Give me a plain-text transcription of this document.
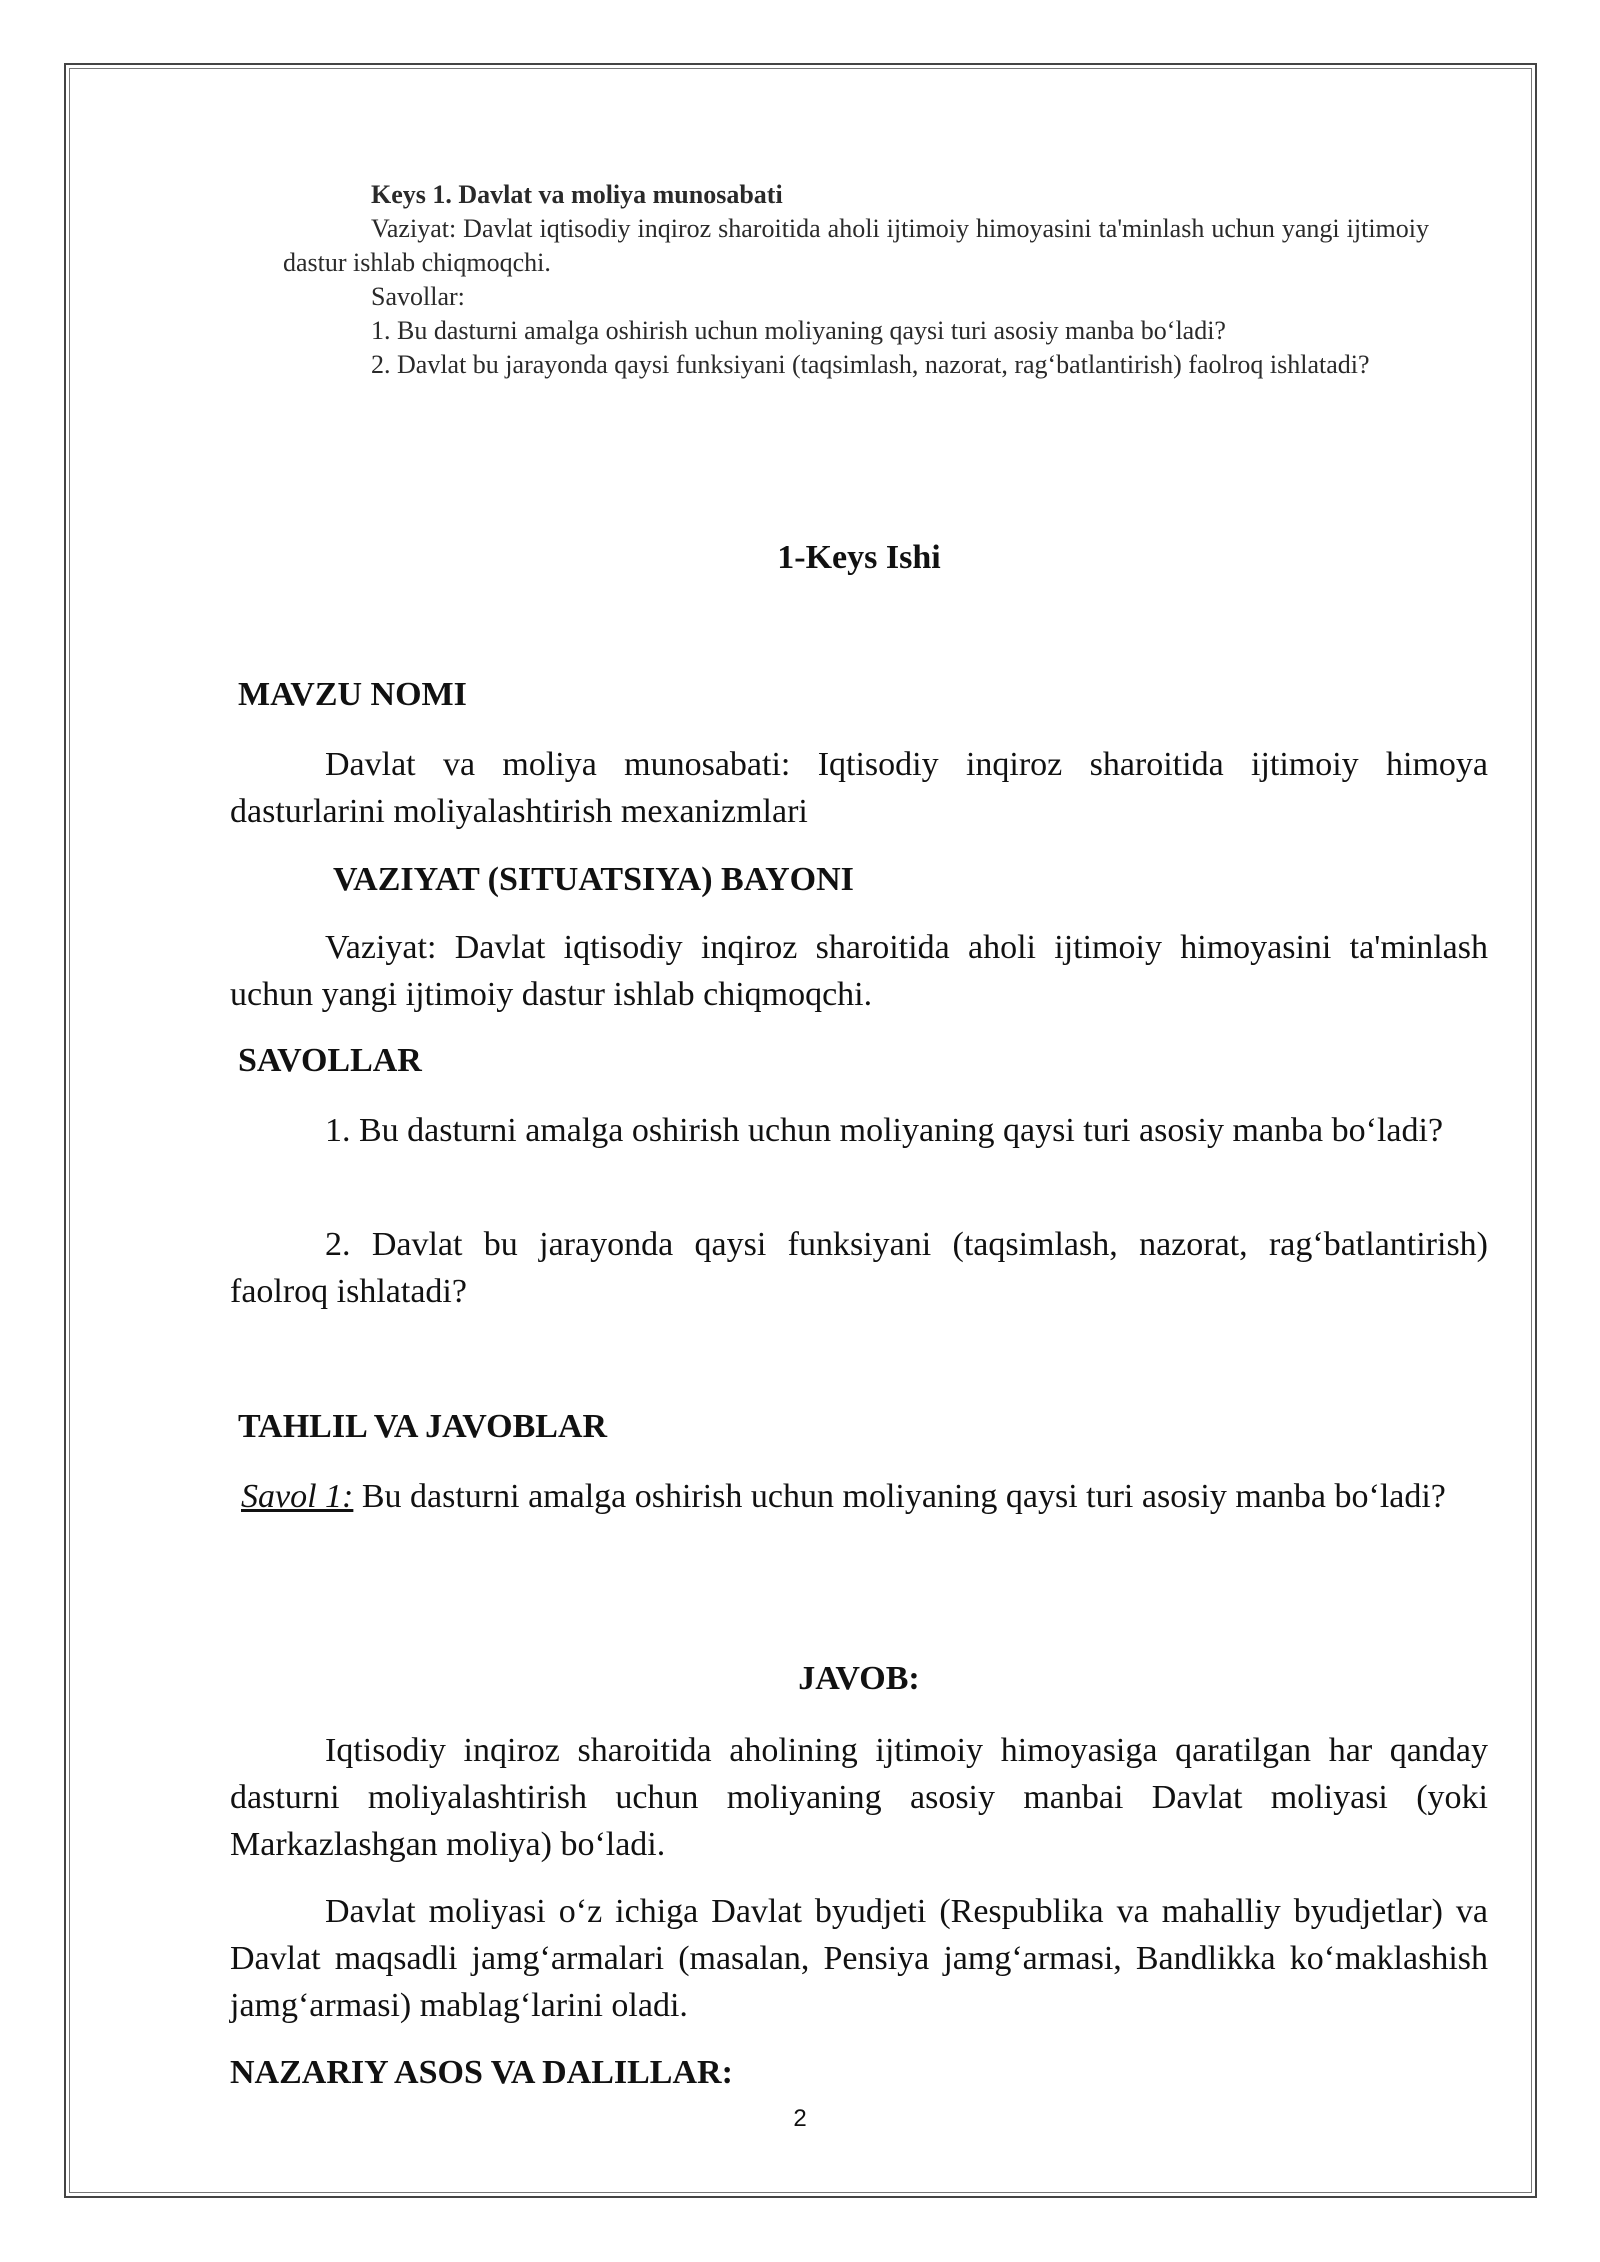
Keys 1. Davlat va moliya munosabati

Vaziyat: Davlat iqtisodiy inqiroz sharoitida aholi ijtimoiy himoyasini ta'minlash uchun yangi ijtimoiy dastur ishlab chiqmoqchi.

Savollar:

1. Bu dasturni amalga oshirish uchun moliyaning qaysi turi asosiy manba bo‘ladi?

2. Davlat bu jarayonda qaysi funksiyani (taqsimlash, nazorat, rag‘batlantirish) faolroq ishlatadi?

1-Keys Ishi

MAVZU NOMI

Davlat va moliya munosabati: Iqtisodiy inqiroz sharoitida ijtimoiy himoya dasturlarini moliyalashtirish mexanizmlari

VAZIYAT (SITUATSIYA) BAYONI

Vaziyat: Davlat iqtisodiy inqiroz sharoitida aholi ijtimoiy himoyasini ta'minlash uchun yangi ijtimoiy dastur ishlab chiqmoqchi.

SAVOLLAR

1. Bu dasturni amalga oshirish uchun moliyaning qaysi turi asosiy manba bo‘ladi?

2. Davlat bu jarayonda qaysi funksiyani (taqsimlash, nazorat, rag‘batlantirish) faolroq ishlatadi?

TAHLIL VA JAVOBLAR

Savol 1: Bu dasturni amalga oshirish uchun moliyaning qaysi turi asosiy manba bo‘ladi?

JAVOB:

Iqtisodiy inqiroz sharoitida aholining ijtimoiy himoyasiga qaratilgan har qanday dasturni moliyalashtirish uchun moliyaning asosiy manbai Davlat moliyasi (yoki Markazlashgan moliya) bo‘ladi.

Davlat moliyasi o‘z ichiga Davlat byudjeti (Respublika va mahalliy byudjetlar) va Davlat maqsadli jamg‘armalari (masalan, Pensiya jamg‘armasi, Bandlikka ko‘maklashish jamg‘armasi) mablag‘larini oladi.

NAZARIY ASOS VA DALILLAR:

2
